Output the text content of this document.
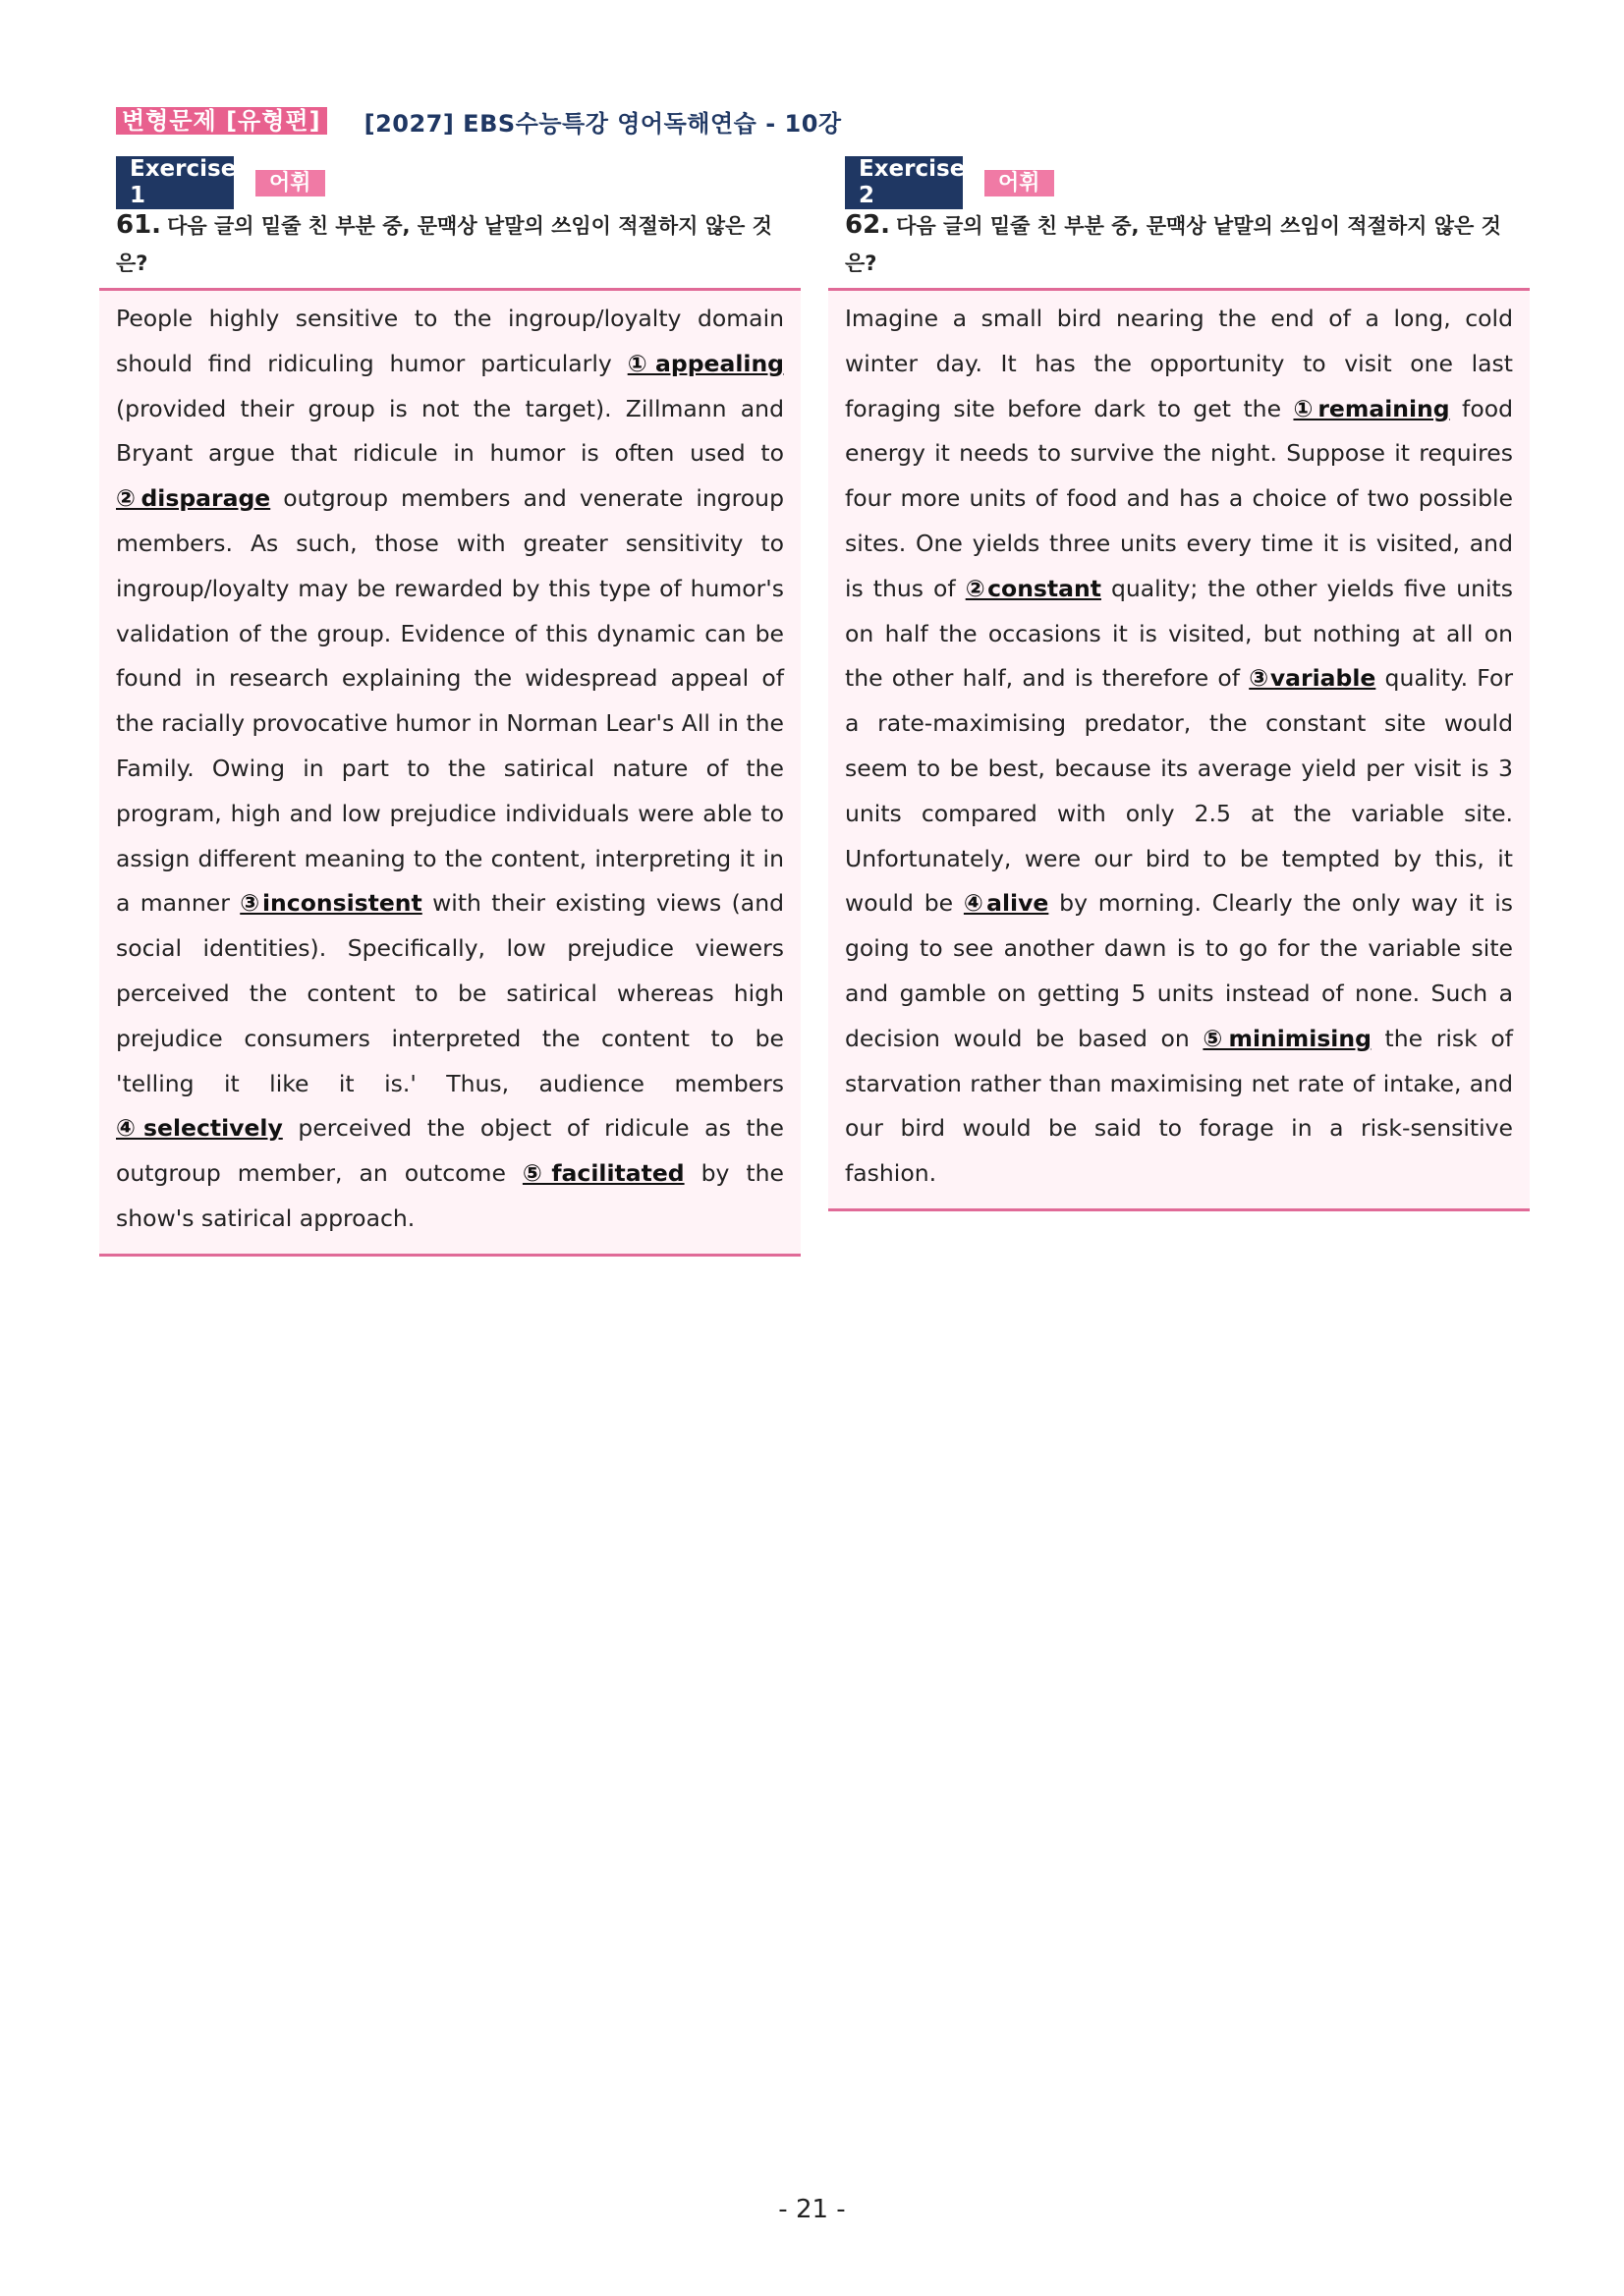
변형문제 [유형편] [2027] EBS수능특강 영어독해연습 - 10강
Exercise 1	어휘
61. 다음 글의 밑줄 친 부분 중, 문맥상 낱말의 쓰임이 적절하지 않은 것은?

People highly sensitive to the ingroup/loyalty domain should find ridiculing humor particularly ①appealing (provided their group is not the target). Zillmann and Bryant argue that ridicule in humor is often used to ②disparage outgroup members and venerate ingroup members. As such, those with greater sensitivity to ingroup/loyalty may be rewarded by this type of humor's validation of the group. Evidence of this dynamic can be found in research explaining the widespread appeal of the racially provocative humor in Norman Lear's All in the Family. Owing in part to the satirical nature of the program, high and low prejudice individuals were able to assign different meaning to the content, interpreting it in a manner ③inconsistent with their existing views (and social identities). Specifically, low prejudice viewers perceived the content to be satirical whereas high prejudice consumers interpreted the content to be 'telling it like it is.' Thus, audience members ④selectively perceived the object of ridicule as the outgroup member, an outcome ⑤facilitated by the show's satirical approach.

Exercise 2	어휘
62. 다음 글의 밑줄 친 부분 중, 문맥상 낱말의 쓰임이 적절하지 않은 것은?

Imagine a small bird nearing the end of a long, cold winter day. It has the opportunity to visit one last foraging site before dark to get the ①remaining food energy it needs to survive the night. Suppose it requires four more units of food and has a choice of two possible sites. One yields three units every time it is visited, and is thus of ②constant quality; the other yields five units on half the occasions it is visited, but nothing at all on the other half, and is therefore of ③variable quality. For a rate-maximising predator, the constant site would seem to be best, because its average yield per visit is 3 units compared with only 2.5 at the variable site. Unfortunately, were our bird to be tempted by this, it would be ④alive by morning. Clearly the only way it is going to see another dawn is to go for the variable site and gamble on getting 5 units instead of none. Such a decision would be based on ⑤minimising the risk of starvation rather than maximising net rate of intake, and our bird would be said to forage in a risk-sensitive fashion.

- 21 -
